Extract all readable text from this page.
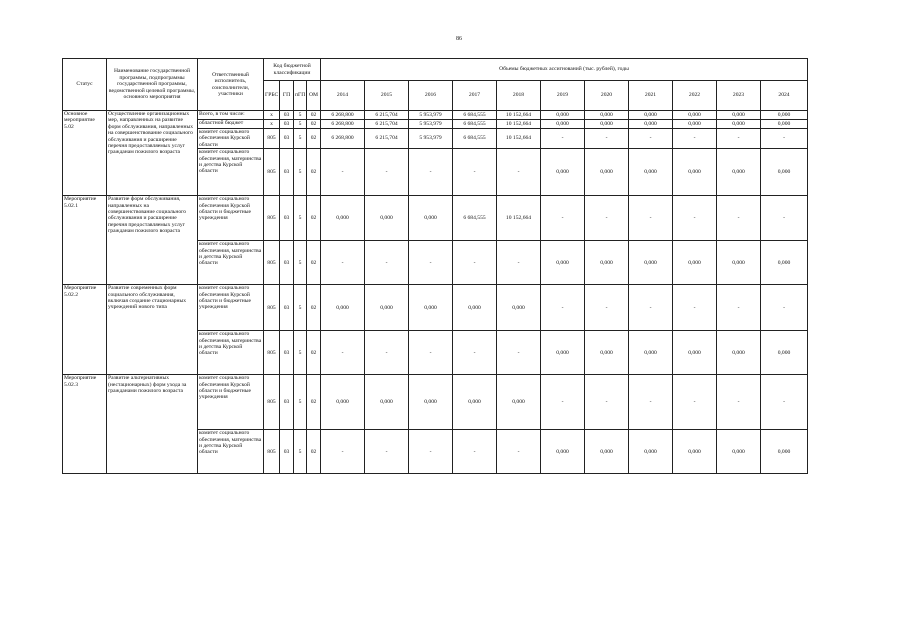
86
Статус	Наименование государственной программы, подпрограммы государственной программы, ведомственной целевой программы, основного мероприятия	Ответственный исполнитель, соисполнители, участники	Код бюджетной классификации				Объемы бюджетных ассигнований (тыс. рублей), годы										
			ГРБС	ГП	пГП	ОМ	2014	2015	2016	2017	2018	2019	2020	2021	2022	2023	2024
Основное мероприятие 5.02	Осуществление организационных мер, направленных на развитие форм обслуживания, направленных на совершенствование социального обслуживания и расширение перечня предоставляемых услуг гражданам пожилого возраста	Всего, в том числе:	х	03	5	02	6 268,800	6 215,704	5 953,979	6 684,555	10 152,664	0,000	0,000	0,000	0,000	0,000	0,000
		областной бюджет	х	03	5	02	6 268,800	6 215,704	5 953,979	6 684,555	10 152,664	0,000	0,000	0,000	0,000	0,000	0,000
		комитет социального обеспечения Курской области	805	03	5	02	6 268,800	6 215,704	5 953,979	6 684,555	10 152,664	-	-	-	-	-	-
		комитет социального обеспечения, материнства и детства Курской области	805	03	5	02	-	-	-	-	-	0,000	0,000	0,000	0,000	0,000	0,000
Мероприятие 5.02.1	Развитие форм обслуживания, направленных на совершенствование социального обслуживания и расширение перечня предоставляемых услуг гражданам пожилого возраста	комитет социального обеспечения Курской области и бюджетные учреждения	805	03	5	02	0,000	0,000	0,000	6 684,555	10 152,664	-	-	-	-	-	-
		комитет социального обеспечения, материнства и детства Курской области	805	03	5	02	-	-	-	-	-	0,000	0,000	0,000	0,000	0,000	0,000
Мероприятие 5.02.2	Развитие современных форм социального обслуживания, включая создание стационарных учреждений нового типа	комитет социального обеспечения Курской области и бюджетные учреждения	805	03	5	02	0,000	0,000	0,000	0,000	0,000	-	-	-	-	-	-
		комитет социального обеспечения, материнства и детства Курской области	805	03	5	02	-	-	-	-	-	0,000	0,000	0,000	0,000	0,000	0,000
Мероприятие 5.02.3	Развитие альтернативных (нестационарных) форм ухода за гражданами пожилого возраста	комитет социального обеспечения Курской области и бюджетные учреждения	805	03	5	02	0,000	0,000	0,000	0,000	0,000	-	-	-	-	-	-
		комитет социального обеспечения, материнства и детства Курской области	805	03	5	02	-	-	-	-	-	0,000	0,000	0,000	0,000	0,000	0,000
